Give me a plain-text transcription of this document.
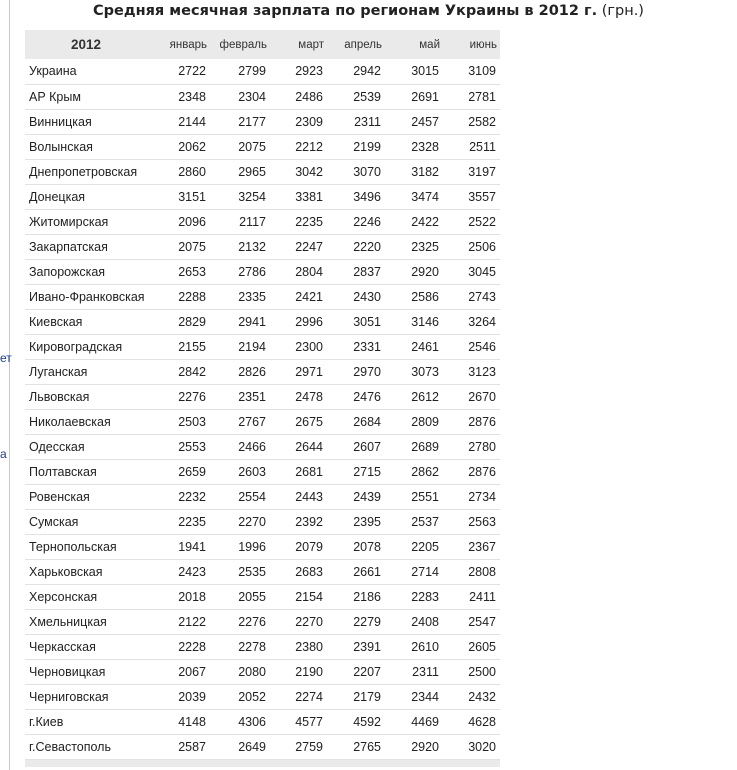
ет
а
Средняя месячная зарплата по регионам Украины в 2012 г. (грн.)
2012	январь	февраль	март	апрель	май	июнь
Украина	2722	2799	2923	2942	3015	3109
АР Крым	2348	2304	2486	2539	2691	2781
Винницкая	2144	2177	2309	2311	2457	2582
Волынская	2062	2075	2212	2199	2328	2511
Днепропетровская	2860	2965	3042	3070	3182	3197
Донецкая	3151	3254	3381	3496	3474	3557
Житомирская	2096	2117	2235	2246	2422	2522
Закарпатская	2075	2132	2247	2220	2325	2506
Запорожская	2653	2786	2804	2837	2920	3045
Ивано-Франковская	2288	2335	2421	2430	2586	2743
Киевская	2829	2941	2996	3051	3146	3264
Кировоградская	2155	2194	2300	2331	2461	2546
Луганская	2842	2826	2971	2970	3073	3123
Львовская	2276	2351	2478	2476	2612	2670
Николаевская	2503	2767	2675	2684	2809	2876
Одесская	2553	2466	2644	2607	2689	2780
Полтавская	2659	2603	2681	2715	2862	2876
Ровенская	2232	2554	2443	2439	2551	2734
Сумская	2235	2270	2392	2395	2537	2563
Тернопольская	1941	1996	2079	2078	2205	2367
Харьковская	2423	2535	2683	2661	2714	2808
Херсонская	2018	2055	2154	2186	2283	2411
Хмельницкая	2122	2276	2270	2279	2408	2547
Черкасская	2228	2278	2380	2391	2610	2605
Черновицкая	2067	2080	2190	2207	2311	2500
Черниговская	2039	2052	2274	2179	2344	2432
г.Киев	4148	4306	4577	4592	4469	4628
г.Севастополь	2587	2649	2759	2765	2920	3020
